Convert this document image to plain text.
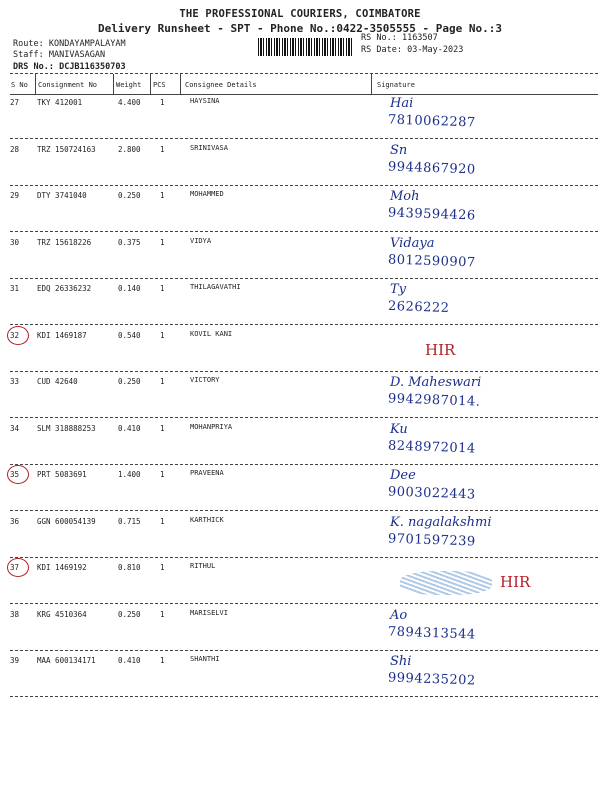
THE PROFESSIONAL COURIERS, COIMBATORE
Delivery Runsheet - SPT - Phone No.:0422-3505555 - Page No.:3
Route: KONDAYAMPALAYAM
Staff: MANIVASAGAN
DRS No.: DCJB116350703
RS No.: 1163507
RS Date: 03-May-2023
S No Consignment No	Weight PCS	Consignee Details	Signature
27 TKY 412001	4.400	1	HAYSINA	Hai
7810062287
28 TRZ 150724163	2.800	1	SRINIVASA	Sn
9944867920
29 DTY 3741040	0.250	1	MOHAMMED	Moh
9439594426
30 TRZ 15618226	0.375	1	VIDYA	Vidaya
8012590907
31 EDQ 26336232	0.140	1	THILAGAVATHI	Ty
2626222
32 KDI 1469187	0.540	1	KOVIL KANI
HIR
33 CUD 42640	0.250	1	VICTORY	D. Maheswari
9942987014.
34 SLM 318888253	0.410	1	MOHANPRIYA	Ku
8248972014
35 PRT 5083691	1.400	1	PRAVEENA	Dee
9003022443
36 GGN 600054139	0.715	1	KARTHICK	K. nagalakshmi
9701597239
37 KDI 1469192	0.810	1	RITHUL
HIR
38 KRG 4510364	0.250	1	MARISELVI	Ao
7894313544
39 MAA 600134171	0.410	1	SHANTHI	Shi
9994235202
